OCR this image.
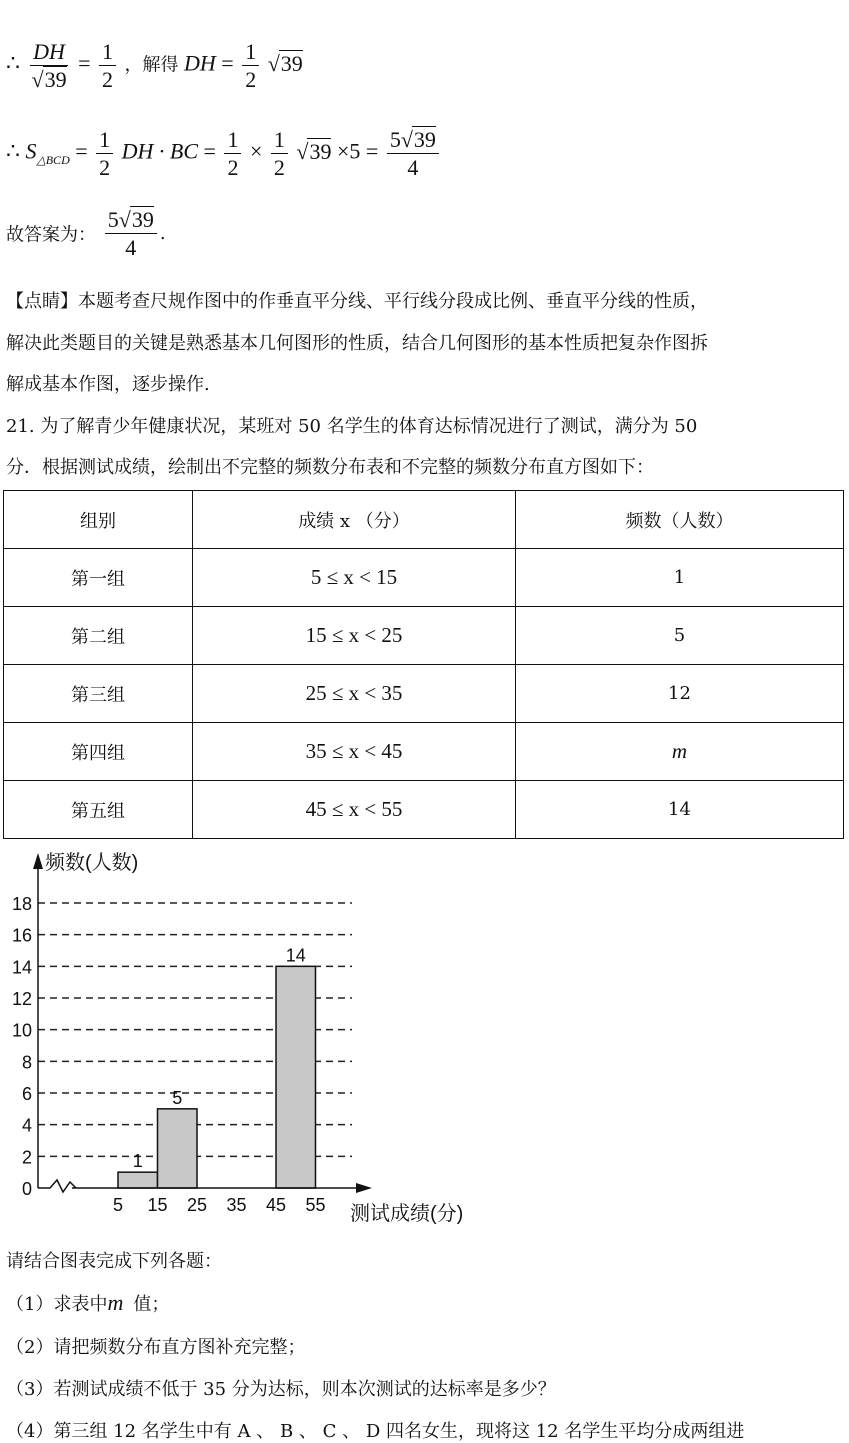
∴ $\frac{DH}{√39} = \frac{1}{2}$ ，解得 DH = $\frac{1}{2} √39$
∴ $S_{\triangle BCD} = \frac{1}{2}$ DH · BC = $\frac{1}{2} \times \frac{1}{2} √39 \times 5 = \frac{5√39}{4}$
故答案为： $\frac{5√39}{4}$ .
【点睛】本题考查尺规作图中的作垂直平分线、平行线分段成比例、垂直平分线的性质，
解决此类题目的关键是熟悉基本几何图形的性质，结合几何图形的基本性质把复杂作图拆
解成基本作图，逐步操作.
21. 为了解青少年健康状况，某班对 50 名学生的体育达标情况进行了测试，满分为 50
分．根据测试成绩，绘制出不完整的频数分布表和不完整的频数分布直方图如下：
组别	成绩 x （分）	频数（人数）
第一组	5 ≤ x < 15	1
第二组	15 ≤ x < 25	5
第三组	25 ≤ x < 35	12
第四组	35 ≤ x < 45	m
第五组	45 ≤ x < 55	14
1
5
14
0
2
4
6
8
10
12
14
16
18
5 15 25 35 45 55
频数(人数)
测试成绩(分)
请结合图表完成下列各题：
（1）求表中m 值；
（2）请把频数分布直方图补充完整；
（3）若测试成绩不低于 35 分为达标，则本次测试的达标率是多少？
（4）第三组 12 名学生中有 A 、 B 、 C 、 D 四名女生，现将这 12 名学生平均分成两组进
